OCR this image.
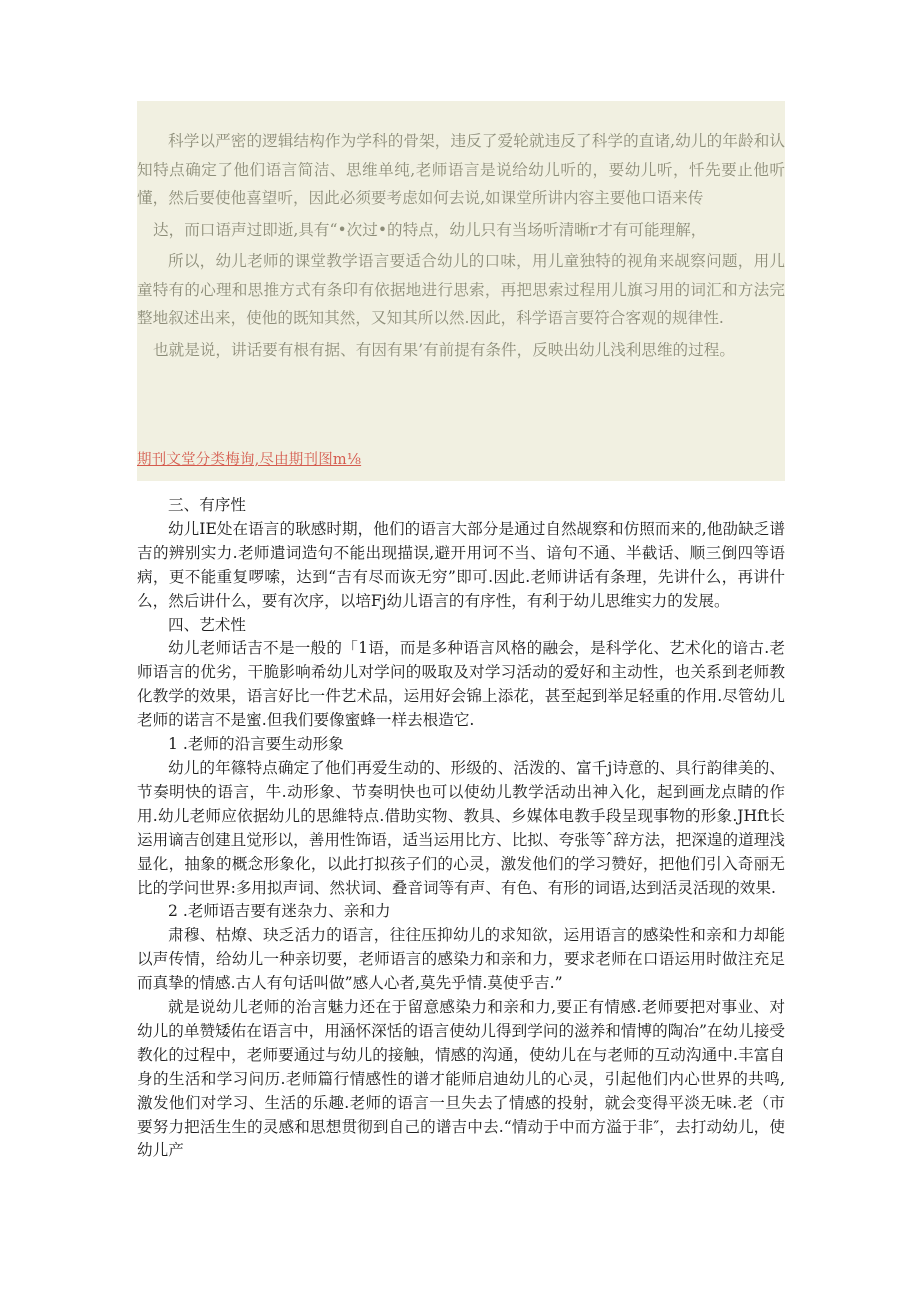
科学以严密的逻辑结构作为学科的骨架，违反了爱轮就违反了科学的直诸,幼儿的年龄和认知特点确定了他们语言简洁、思维单纯,老师语言是说给幼儿听的，要幼儿听，忏先要止他听懂，然后要使他喜望听，因此必须要考虑如何去说,如课堂所讲内容主要他口语来传

达，而口语声过即逝,具有“•次过•的特点，幼儿只有当场听清晰r才有可能理解，

所以，幼儿老师的课堂教学语言要适合幼儿的口味，用儿童独特的视角来觇察问题，用儿童特有的心理和思推方式有条印有依据地进行思索，再把思索过程用儿旗习用的词汇和方法完整地叙述出来，使他的既知其然，又知其所以然.因此，科学语言要符合客观的规律性.

也就是说，讲话要有根有据、有因有果’有前提有条件，反映出幼儿浅利思维的过程。

期刊文堂分类梅询,尽由期刊图m⅛

三、有序性

幼儿IE处在语言的耿感时期，他们的语言大部分是通过自然觇察和仿照而来的,他劭缺乏谱吉的辨别实力.老师遣词造句不能出现描误,避开用诃不当、谙句不通、半截话、顺三倒四等语病，更不能重复啰嗦，达到“吉有尽而诙无穷”即可.因此.老师讲话有条理，先讲什么，再讲什么，然后讲什么，要有次序，以培Fj幼儿语言的有序性，有利于幼儿思维实力的发展。

四、艺术性

幼儿老师话吉不是一般的「1语，而是多种语言风格的融会，是科学化、艺术化的谙古.老师语言的优劣，干脆影响希幼儿对学问的吸取及对学习活动的爱好和主动性，也关系到老师教化教学的效果，语言好比一件艺术品，运用好会锦上添花，甚至起到举足轻重的作用.尽管幼儿老师的诺言不是蜜.但我们要像蜜蜂一样去根造它.

1 .老师的沿言要生动形象

幼儿的年篠特点确定了他们再爱生动的、形级的、活泼的、富千j诗意的、具行韵律美的、节奏明快的语言，牛.动形象、节奏明快也可以使幼儿教学活动出神入化，起到画龙点睛的作用.幼儿老师应依据幼儿的思維特点.借助实物、教具、乡媒体电教手段呈现事物的形象.JHft长运用谪吉创建且觉形以，善用性饰语，适当运用比方、比拟、夸张等ˆ辞方法，把深遑的道理浅显化，抽象的概念形象化，以此打拟孩子们的心灵，激发他们的学习赞好，把他们引入奇丽无比的学问世界:多用拟声词、然状词、叠音词等有声、有色、有形的词语,达到活灵活现的效果.

2 .老师语吉要有迷杂力、亲和力

肃穆、枯燎、玦乏活力的语言，往往压抑幼儿的求知欲，运用语言的感染性和亲和力却能以声传情，给幼儿一种亲切要，老师语言的感染力和亲和力，要求老师在口语运用时做注充足而真挚的情感.古人有句话叫做”感人心者,莫先乎情.莫使乎吉.”

就是说幼儿老师的治言魅力还在于留意感染力和亲和力,要正有情感.老师要把对事业、对幼儿的单赞矮佑在语言中，用涵怀深恬的语言使幼儿得到学问的滋养和情博的陶冶”在幼儿接受教化的过程中，老师要通过与幼儿的接触，情感的沟通，使幼儿在与老师的互动沟通中.丰富自身的生活和学习问历.老师篇行情感性的谱才能师启迪幼儿的心灵，引起他们内心世界的共鸣,激发他们对学习、生活的乐趣.老师的语言一旦失去了情感的投射，就会变得平淡无味.老（市要努力把活生生的灵感和思想贯彻到自己的谱吉中去.“情动于中而方溢于非″，去打动幼儿，使幼儿产
